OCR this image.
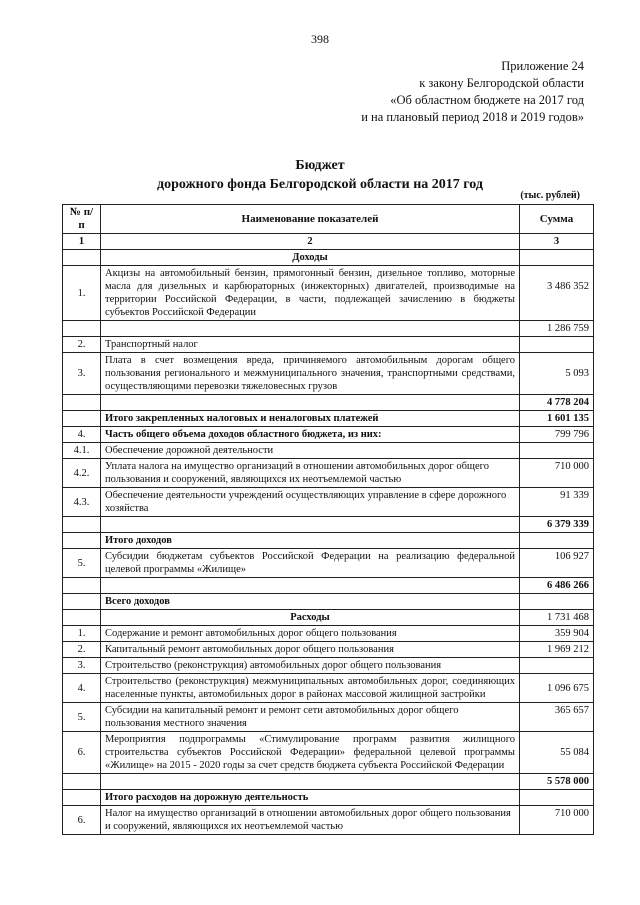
398
Приложение 24
к закону Белгородской области
«Об областном бюджете на 2017 год
и на плановый период 2018 и 2019 годов»
Бюджет
дорожного фонда Белгородской области на 2017 год
(тыс. рублей)
№ п/п	Наименование показателей	Сумма
1	2	3
	Доходы	
1.	Акцизы на автомобильный бензин, прямогонный бензин, дизельное топливо, моторные масла для дизельных и карбюраторных (инжекторных) двигателей, производимые на территории Российской Федерации, в части, подлежащей зачислению в бюджеты субъектов Российской Федерации	3 486 352
		1 286 759
2.	Транспортный налог	
3.	Плата в счет возмещения вреда, причиняемого автомобильным дорогам общего пользования регионального и межмуниципального значения, транспортными средствами, осуществляющими перевозки тяжеловесных грузов	5 093
		4 778 204
	Итого закрепленных налоговых и неналоговых платежей	1 601 135
4.	Часть общего объема доходов областного бюджета, из них:	799 796
4.1.	Обеспечение дорожной деятельности	
4.2.	Уплата налога на имущество организаций в отношении автомобильных дорог общего пользования и сооружений, являющихся их неотъемлемой частью	710 000
4.3.	Обеспечение деятельности учреждений осуществляющих управление в сфере дорожного хозяйства	91 339
		6 379 339
	Итого доходов	
5.	Субсидии бюджетам субъектов Российской Федерации на реализацию федеральной целевой программы «Жилище»	106 927
		6 486 266
	Всего доходов	
	Расходы	1 731 468
1.	Содержание и ремонт автомобильных дорог общего пользования	359 904
2.	Капитальный ремонт автомобильных дорог общего пользования	1 969 212
3.	Строительство (реконструкция) автомобильных дорог общего пользования	
4.	Строительство (реконструкция) межмуниципальных автомобильных дорог, соединяющих населенные пункты, автомобильных дорог в районах массовой жилищной застройки	1 096 675
5.	Субсидии на капитальный ремонт и ремонт сети автомобильных дорог общего пользования местного значения	365 657
6.	Мероприятия подпрограммы «Стимулирование программ развития жилищного строительства субъектов Российской Федерации» федеральной целевой программы «Жилище» на 2015 - 2020 годы за счет средств бюджета субъекта Российской Федерации	55 084
		5 578 000
	Итого расходов на дорожную деятельность	
6.	Налог на имущество организаций в отношении автомобильных дорог общего пользования и сооружений, являющихся их неотъемлемой частью	710 000
